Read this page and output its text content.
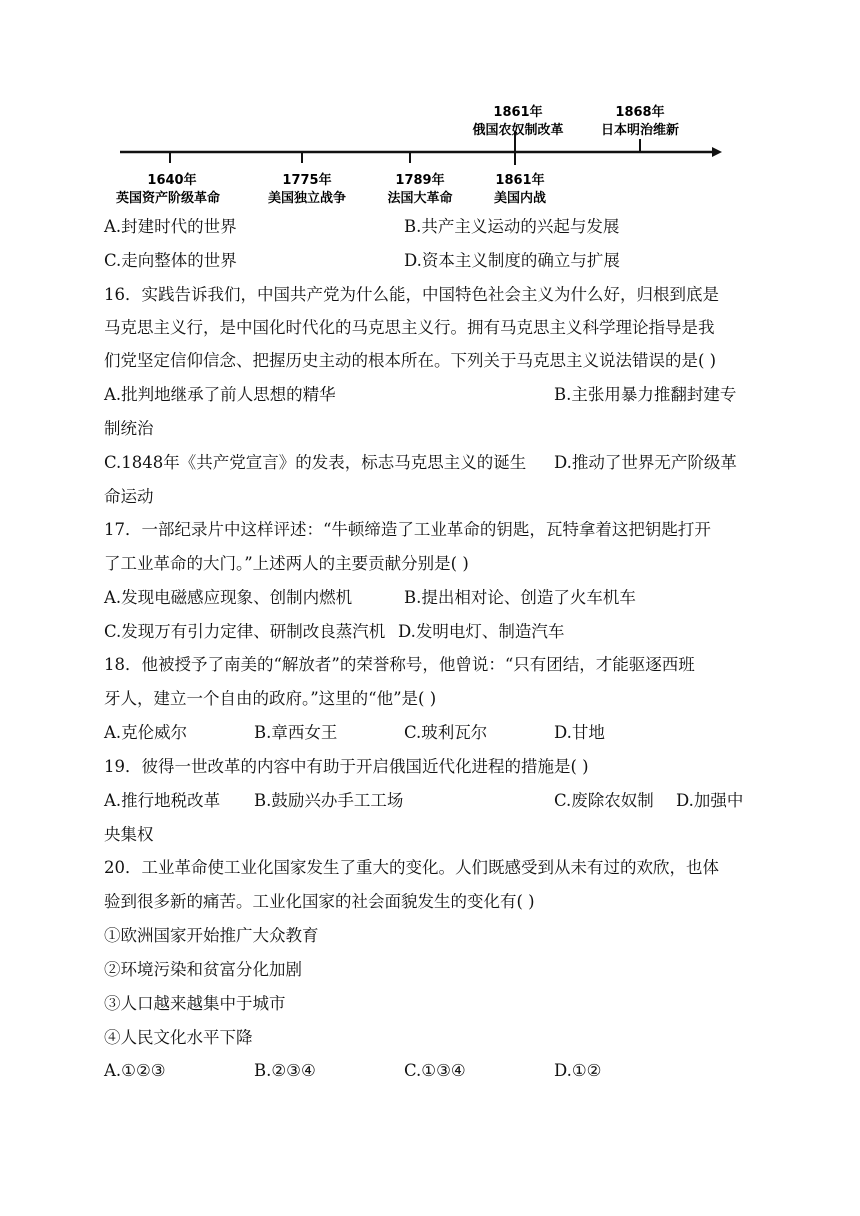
1861年
俄国农奴制改革
1868年
日本明治维新
1640年
英国资产阶级革命
1775年
美国独立战争
1789年
法国大革命
1861年
美国内战
A.封建时代的世界	B.共产主义运动的兴起与发展
C.走向整体的世界	D.资本主义制度的确立与扩展
16．实践告诉我们，中国共产党为什么能，中国特色社会主义为什么好，归根到底是
马克思主义行，是中国化时代化的马克思主义行。拥有马克思主义科学理论指导是我
们党坚定信仰信念、把握历史主动的根本所在。下列关于马克思主义说法错误的是( )
A.批判地继承了前人思想的精华	B.主张用暴力推翻封建专
制统治
C.1848年《共产党宣言》的发表，标志马克思主义的诞生 D.推动了世界无产阶级革
命运动
17．一部纪录片中这样评述：“牛顿缔造了工业革命的钥匙，瓦特拿着这把钥匙打开
了工业革命的大门。”上述两人的主要贡献分别是( )
A.发现电磁感应现象、创制内燃机	B.提出相对论、创造了火车机车
C.发现万有引力定律、研制改良蒸汽机 D.发明电灯、制造汽车
18．他被授予了南美的“解放者”的荣誉称号，他曾说：“只有团结，才能驱逐西班
牙人，建立一个自由的政府。”这里的“他”是( )
A.克伦威尔	B.章西女王	C.玻利瓦尔	D.甘地
19．彼得一世改革的内容中有助于开启俄国近代化进程的措施是( )
A.推行地税改革 B.鼓励兴办手工工场	C.废除农奴制 D.加强中
央集权
20．工业革命使工业化国家发生了重大的变化。人们既感受到从未有过的欢欣，也体
验到很多新的痛苦。工业化国家的社会面貌发生的变化有( )
①欧洲国家开始推广大众教育
②环境污染和贫富分化加剧
③人口越来越集中于城市
④人民文化水平下降
A.①②③	B.②③④	C.①③④	D.①②
